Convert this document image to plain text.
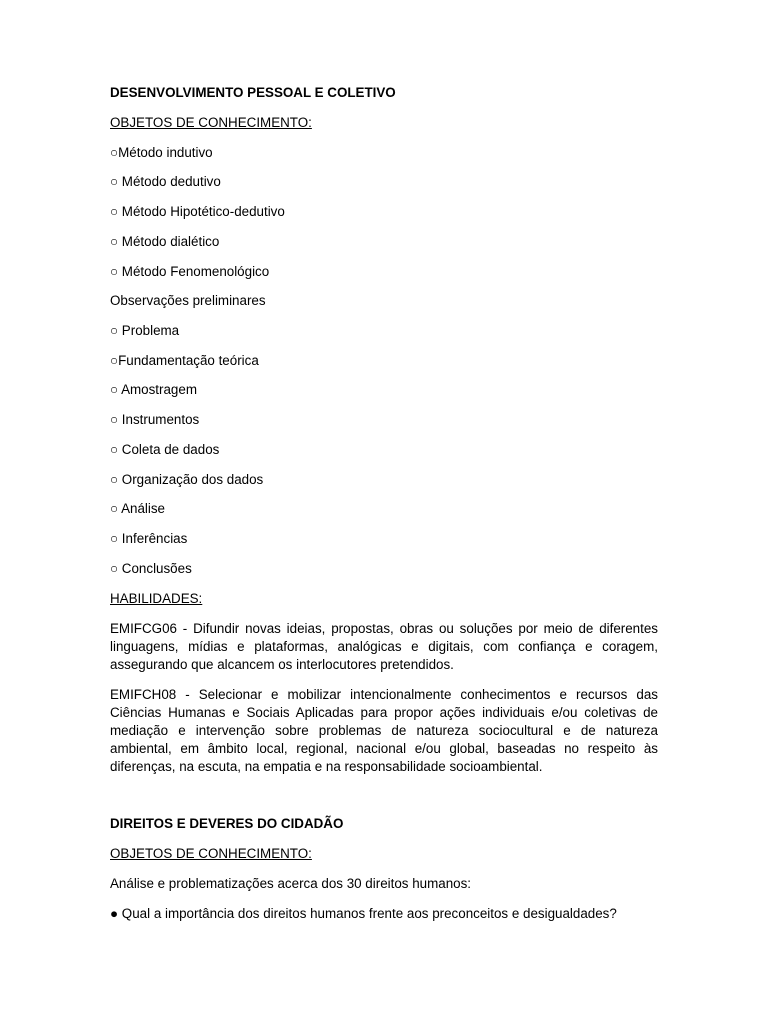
DESENVOLVIMENTO PESSOAL E COLETIVO
OBJETOS DE CONHECIMENTO:
○Método indutivo
○ Método dedutivo
○ Método Hipotético-dedutivo
○ Método dialético
○ Método Fenomenológico
Observações preliminares
○ Problema
○Fundamentação teórica
○ Amostragem
○ Instrumentos
○ Coleta de dados
○ Organização dos dados
○ Análise
○ Inferências
○ Conclusões
HABILIDADES:
EMIFCG06 - Difundir novas ideias, propostas, obras ou soluções por meio de diferentes linguagens, mídias e plataformas, analógicas e digitais, com confiança e coragem, assegurando que alcancem os interlocutores pretendidos.
EMIFCH08 - Selecionar e mobilizar intencionalmente conhecimentos e recursos das Ciências Humanas e Sociais Aplicadas para propor ações individuais e/ou coletivas de mediação e intervenção sobre problemas de natureza sociocultural e de natureza ambiental, em âmbito local, regional, nacional e/ou global, baseadas no respeito às diferenças, na escuta, na empatia e na responsabilidade socioambiental.
DIREITOS E DEVERES DO CIDADÃO
OBJETOS DE CONHECIMENTO:
Análise e problematizações acerca dos 30 direitos humanos:
● Qual a importância dos direitos humanos frente aos preconceitos e desigualdades?
